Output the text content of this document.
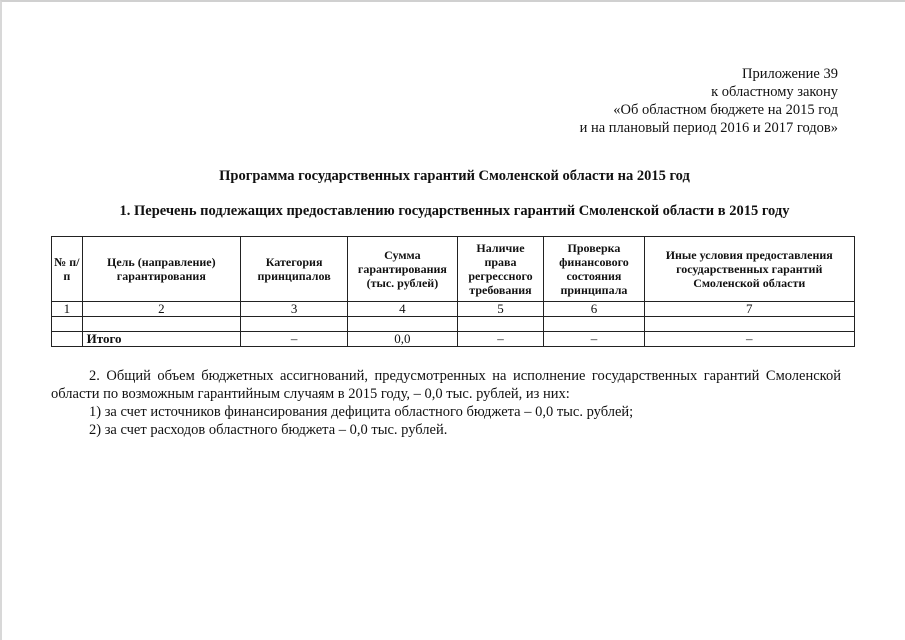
Приложение 39
к областному закону
«Об областном бюджете на 2015 год
и на плановый период 2016 и 2017 годов»
Программа государственных гарантий Смоленской области на 2015 год
1. Перечень подлежащих предоставлению государственных гарантий Смоленской области в 2015 году
№ п/п	Цель (направление) гарантирования	Категория принципалов	Сумма гарантирования (тыс. рублей)	Наличие права регрессного требования	Проверка финансового состояния принципала	Иные условия предоставления государственных гарантий Смоленской области
1	2	3	4	5	6	7

	Итого	–	0,0	–	–	–
2. Общий объем бюджетных ассигнований, предусмотренных на исполнение государственных гарантий Смоленской области по возможным гарантийным случаям в 2015 году, – 0,0 тыс. рублей, из них:
1) за счет источников финансирования дефицита областного бюджета – 0,0 тыс. рублей;
2) за счет расходов областного бюджета – 0,0 тыс. рублей.
